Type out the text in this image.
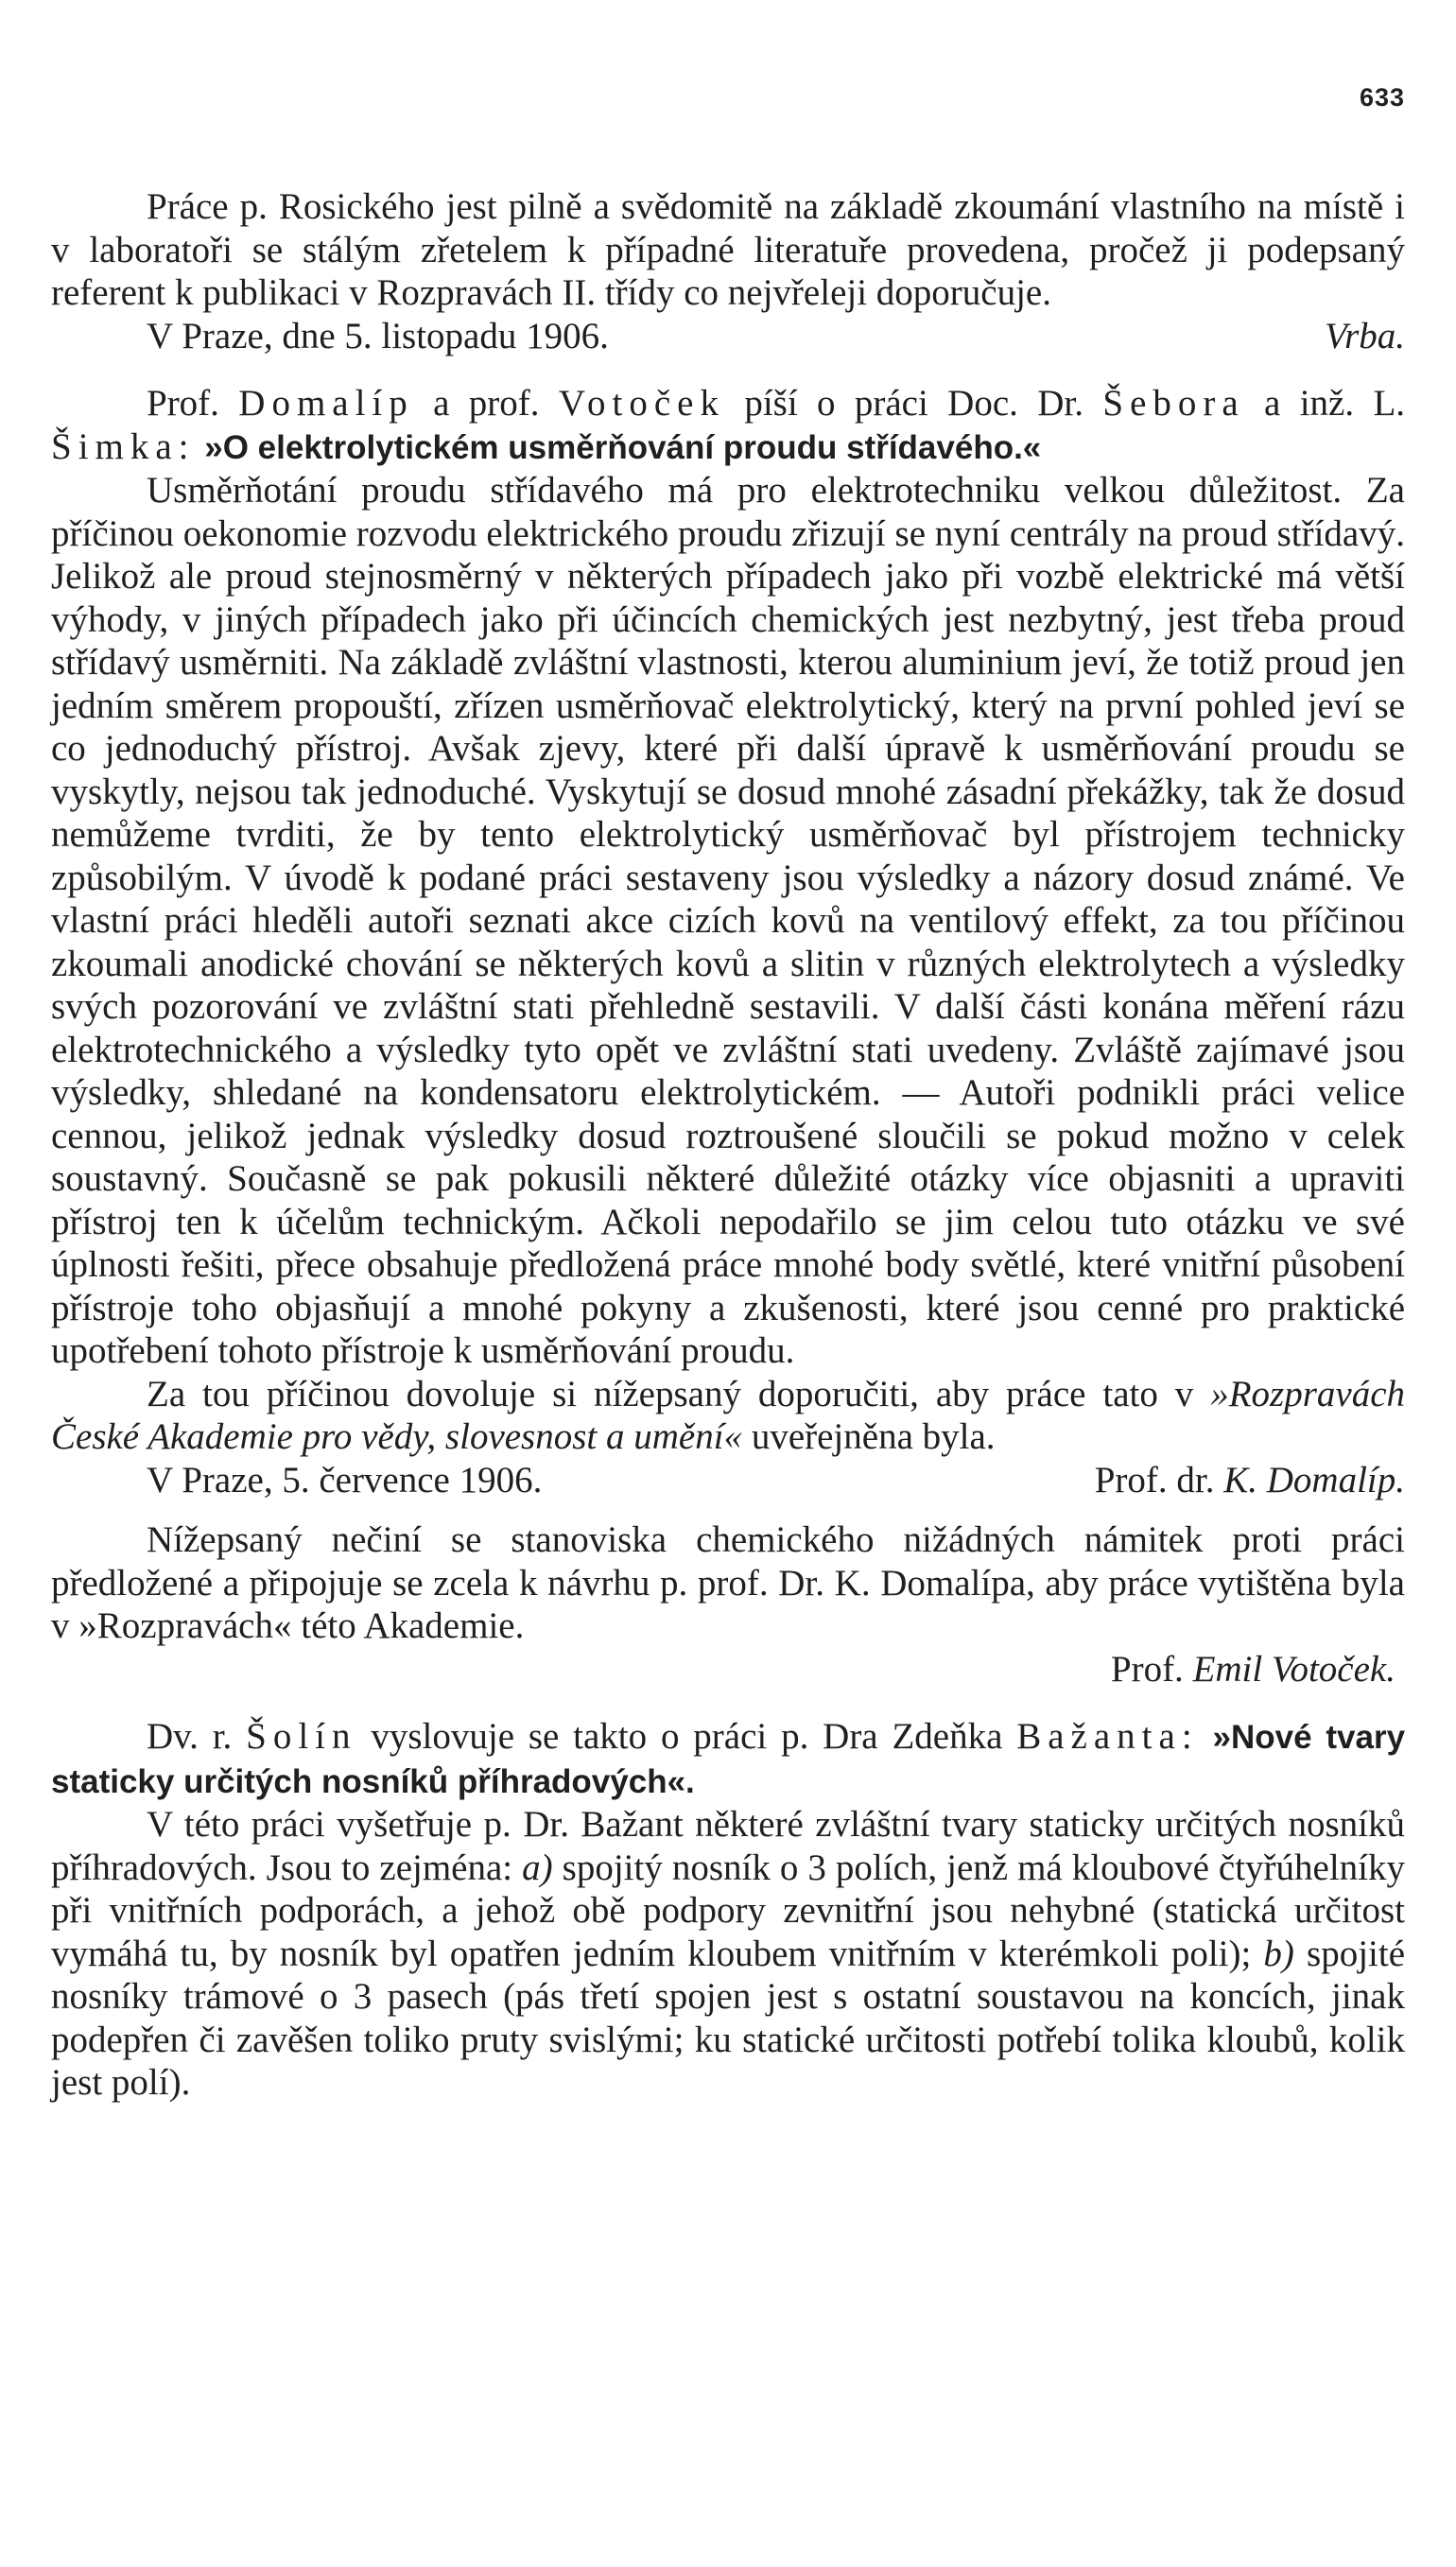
633

Práce p. Rosického jest pilně a svědomitě na základě zkoumání vlastního na místě i v laboratoři se stálým zřetelem k případné literatuře provedena, pročež ji podepsaný referent k publikaci v Rozpravách II. třídy co nejvřeleji doporučuje.

V Praze, dne 5. listopadu 1906.	Vrba.

Prof. Domalíp a prof. Votoček píší o práci Doc. Dr. Šebora a inž. L. Šimka: »O elektrolytickém usměrňování proudu střídavého.«

Usměrňotání proudu střídavého má pro elektrotechniku velkou důležitost. Za příčinou oekonomie rozvodu elektrického proudu zřizují se nyní centrály na proud střídavý. Jelikož ale proud stejnosměrný v některých případech jako při vozbě elektrické má větší výhody, v jiných případech jako při účincích chemických jest nezbytný, jest třeba proud střídavý usměrniti. Na základě zvláštní vlastnosti, kterou aluminium jeví, že totiž proud jen jedním směrem propouští, zřízen usměrňovač elektrolytický, který na první pohled jeví se co jednoduchý přístroj. Avšak zjevy, které při další úpravě k usměrňování proudu se vyskytly, nejsou tak jednoduché. Vyskytují se dosud mnohé zásadní překážky, tak že dosud nemůžeme tvrditi, že by tento elektrolytický usměrňovač byl přístrojem technicky způsobilým. V úvodě k podané práci sestaveny jsou výsledky a názory dosud známé. Ve vlastní práci hleděli autoři seznati akce cizích kovů na ventilový effekt, za tou příčinou zkoumali anodické chování se některých kovů a slitin v různých elektrolytech a výsledky svých pozorování ve zvláštní stati přehledně sestavili. V další části konána měření rázu elektrotechnického a výsledky tyto opět ve zvláštní stati uvedeny. Zvláště zajímavé jsou výsledky, shledané na kondensatoru elektrolytickém. — Autoři podnikli práci velice cennou, jelikož jednak výsledky dosud roztroušené sloučili se pokud možno v celek soustavný. Současně se pak pokusili některé důležité otázky více objasniti a upraviti přístroj ten k účelům technickým. Ačkoli nepodařilo se jim celou tuto otázku ve své úplnosti řešiti, přece obsahuje předložená práce mnohé body světlé, které vnitřní působení přístroje toho objasňují a mnohé pokyny a zkušenosti, které jsou cenné pro praktické upotřebení tohoto přístroje k usměrňování proudu.

Za tou příčinou dovoluje si nížepsaný doporučiti, aby práce tato v »Rozpravách České Akademie pro vědy, slovesnost a umění« uveřejněna byla.

V Praze, 5. července 1906.	Prof. dr. K. Domalíp.

Nížepsaný nečiní se stanoviska chemického nižádných námitek proti práci předložené a připojuje se zcela k návrhu p. prof. Dr. K. Domalípa, aby práce vytištěna byla v »Rozpravách« této Akademie.

Prof. Emil Votoček.

Dv. r. Šolín vyslovuje se takto o práci p. Dra Zdeňka Bažanta: »Nové tvary staticky určitých nosníků příhradových«.

V této práci vyšetřuje p. Dr. Bažant některé zvláštní tvary staticky určitých nosníků příhradových. Jsou to zejména: a) spojitý nosník o 3 polích, jenž má kloubové čtyřúhelníky při vnitřních podporách, a jehož obě podpory zevnitřní jsou nehybné (statická určitost vymáhá tu, by nosník byl opatřen jedním kloubem vnitřním v kterémkoli poli); b) spojité nosníky trámové o 3 pasech (pás třetí spojen jest s ostatní soustavou na koncích, jinak podepřen či zavěšen toliko pruty svislými; ku statické určitosti potřebí tolika kloubů, kolik jest polí).
